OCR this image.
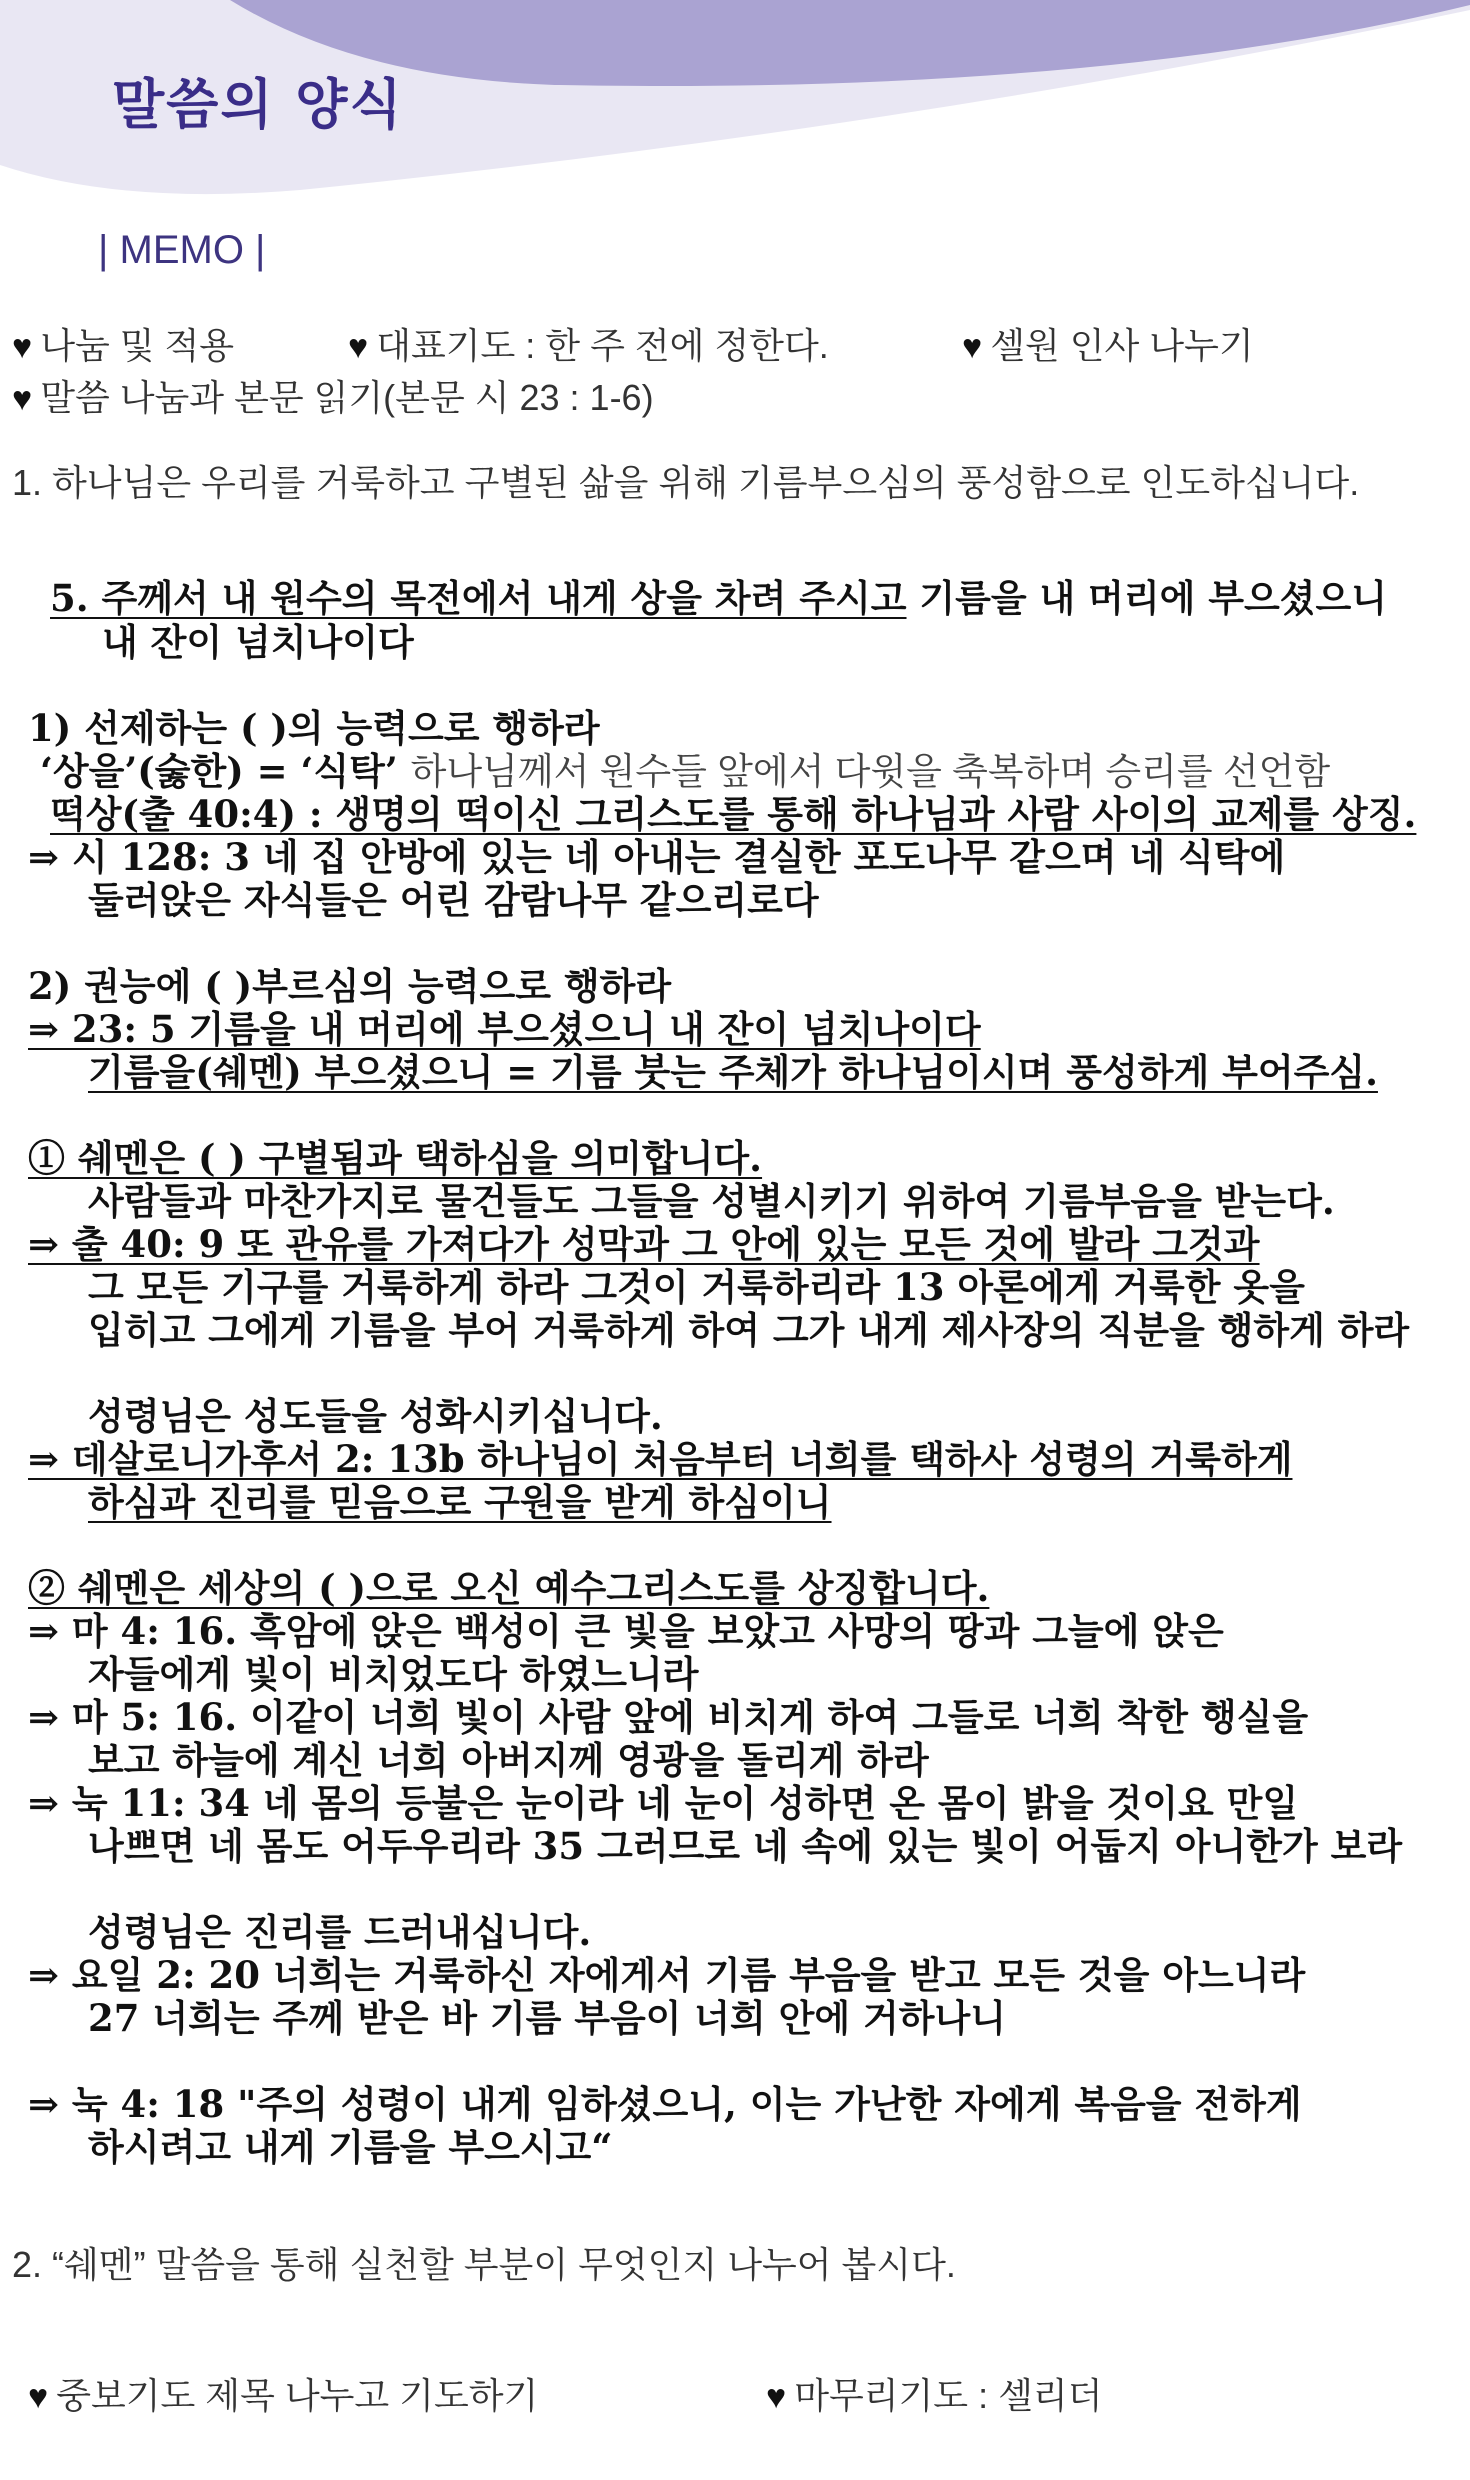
말씀의 양식
| MEMO |
♥ 나눔 및 적용	♥ 대표기도 : 한 주 전에 정한다.	♥ 셀원 인사 나누기
♥ 말씀 나눔과 본문 읽기(본문 시 23 : 1-6)
1. 하나님은 우리를 거룩하고 구별된 삶을 위해 기름부으심의 풍성함으로 인도하십니다.
5. 주께서 내 원수의 목전에서 내게 상을 차려 주시고 기름을 내 머리에 부으셨으니
내 잔이 넘치나이다
1) 선제하는 ( )의 능력으로 행하라
‘상을’(숧한) = ‘식탁’ 하나님께서 원수들 앞에서 다윗을 축복하며 승리를 선언함
떡상(출 40:4) : 생명의 떡이신 그리스도를 통해 하나님과 사람 사이의 교제를 상징.
⇒ 시 128: 3 네 집 안방에 있는 네 아내는 결실한 포도나무 같으며 네 식탁에
둘러앉은 자식들은 어린 감람나무 같으리로다
2) 권능에 ( )부르심의 능력으로 행하라
⇒ 23: 5 기름을 내 머리에 부으셨으니 내 잔이 넘치나이다
기름을(쉐멘) 부으셨으니 = 기름 붓는 주체가 하나님이시며 풍성하게 부어주심.
① 쉐멘은 ( ) 구별됨과 택하심을 의미합니다.
사람들과 마찬가지로 물건들도 그들을 성별시키기 위하여 기름부음을 받는다.
⇒ 출 40: 9 또 관유를 가져다가 성막과 그 안에 있는 모든 것에 발라 그것과
그 모든 기구를 거룩하게 하라 그것이 거룩하리라 13 아론에게 거룩한 옷을
입히고 그에게 기름을 부어 거룩하게 하여 그가 내게 제사장의 직분을 행하게 하라
성령님은 성도들을 성화시키십니다.
⇒ 데살로니가후서 2: 13b 하나님이 처음부터 너희를 택하사 성령의 거룩하게
하심과 진리를 믿음으로 구원을 받게 하심이니
② 쉐멘은 세상의 ( )으로 오신 예수그리스도를 상징합니다.
⇒ 마 4: 16. 흑암에 앉은 백성이 큰 빛을 보았고 사망의 땅과 그늘에 앉은
자들에게 빛이 비치었도다 하였느니라
⇒ 마 5: 16. 이같이 너희 빛이 사람 앞에 비치게 하여 그들로 너희 착한 행실을
보고 하늘에 계신 너희 아버지께 영광을 돌리게 하라
⇒ 눅 11: 34 네 몸의 등불은 눈이라 네 눈이 성하면 온 몸이 밝을 것이요 만일
나쁘면 네 몸도 어두우리라 35 그러므로 네 속에 있는 빛이 어둡지 아니한가 보라
성령님은 진리를 드러내십니다.
⇒ 요일 2: 20 너희는 거룩하신 자에게서 기름 부음을 받고 모든 것을 아느니라
27 너희는 주께 받은 바 기름 부음이 너희 안에 거하나니
⇒ 눅 4: 18 "주의 성령이 내게 임하셨으니, 이는 가난한 자에게 복음을 전하게
하시려고 내게 기름을 부으시고“
2. “쉐멘” 말씀을 통해 실천할 부분이 무엇인지 나누어 봅시다.
♥ 중보기도 제목 나누고 기도하기	♥ 마무리기도 : 셀리더
